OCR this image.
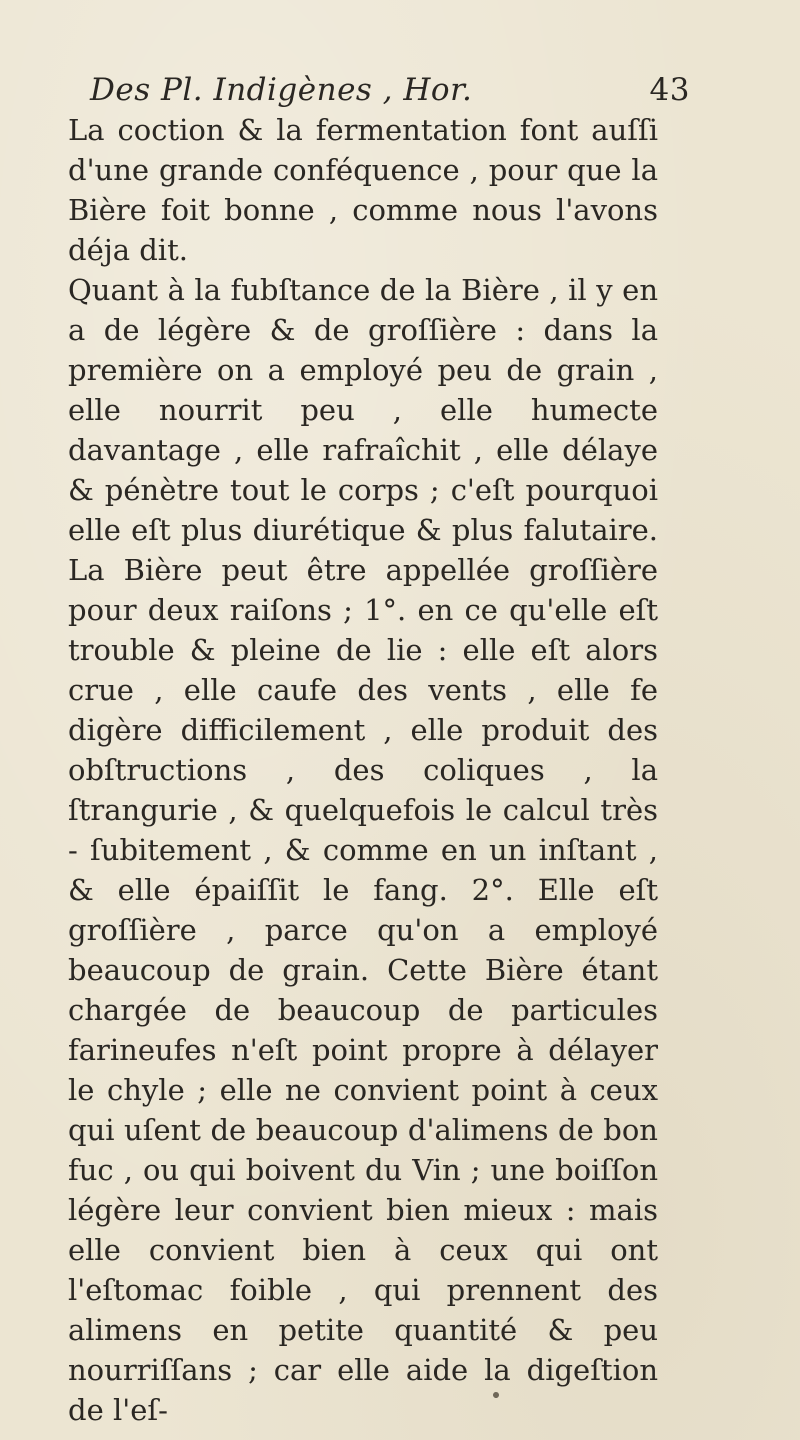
Des Pl. Indigènes , Hor.	43

La coction & la fermentation font auſſi d'une grande conféquence , pour que la Bière foit bonne , comme nous l'avons déja dit.

Quant à la fubſtance de la Bière , il y en a de légère & de groſſière : dans la première on a employé peu de grain , elle nourrit peu , elle humecte davantage , elle rafraîchit , elle délaye & pénètre tout le corps ; c'eſt pourquoi elle eſt plus diurétique & plus falutaire. La Bière peut être appellée groſſière pour deux raiſons ; 1°. en ce qu'elle eſt trouble & pleine de lie : elle eſt alors crue , elle caufe des vents , elle fe digère difficilement , elle produit des obſtructions , des coliques , la ſtrangurie , & quelquefois le calcul très - ſubitement , & comme en un inſtant , & elle épaiſſit le fang. 2°. Elle eſt groſſière , parce qu'on a employé beaucoup de grain. Cette Bière étant chargée de beaucoup de particules farineufes n'eſt point propre à délayer le chyle ; elle ne convient point à ceux qui uſent de beaucoup d'alimens de bon fuc , ou qui boivent du Vin ; une boiſſon légère leur convient bien mieux : mais elle convient bien à ceux qui ont l'eſtomac foible , qui prennent des alimens en petite quantité & peu nourriſſans ; car elle aide la digeſtion de l'eſ-
